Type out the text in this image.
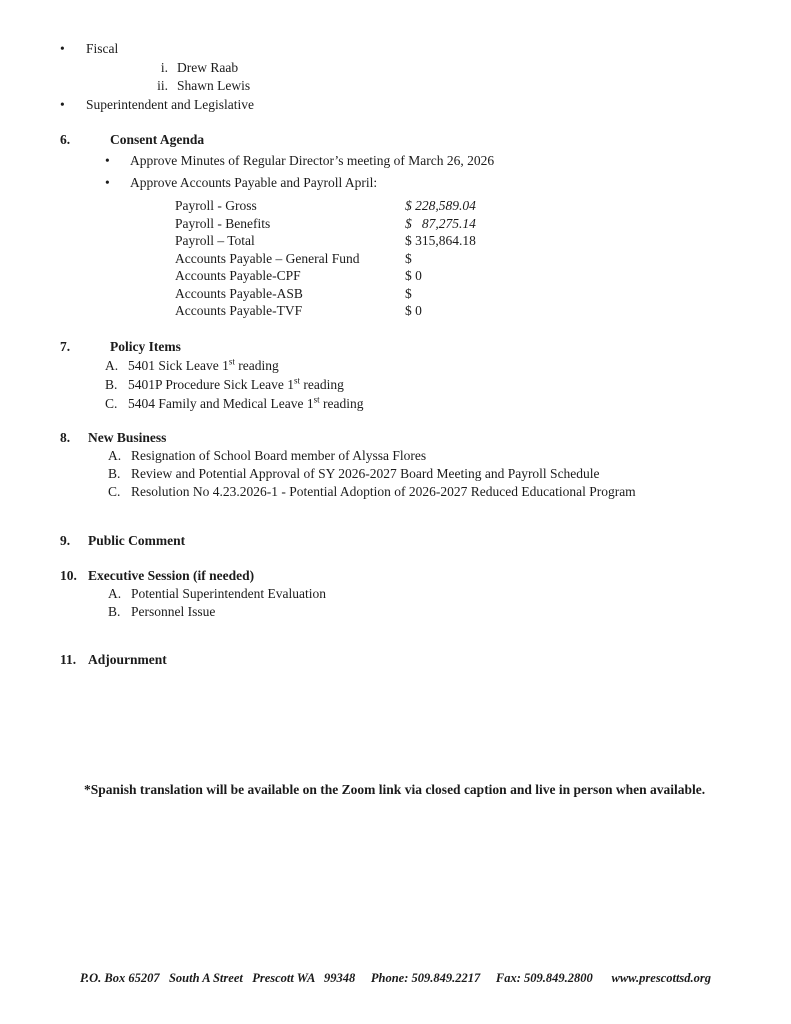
•	Fiscal
i. Drew Raab
ii. Shawn Lewis
•	Superintendent and Legislative
6.	Consent Agenda
•	Approve Minutes of Regular Director’s meeting of March 26, 2026
•	Approve Accounts Payable and Payroll April:
Payroll - Gross	$ 228,589.04
Payroll - Benefits	$   87,275.14
Payroll – Total	$ 315,864.18
Accounts Payable – General Fund	$
Accounts Payable-CPF	$ 0
Accounts Payable-ASB	$
Accounts Payable-TVF	$ 0
7.	Policy Items
A. 5401 Sick Leave 1st reading
B. 5401P Procedure Sick Leave 1st reading
C. 5404 Family and Medical Leave 1st reading
8.	New Business
A. Resignation of School Board member of Alyssa Flores
B. Review and Potential Approval of SY 2026-2027 Board Meeting and Payroll Schedule
C. Resolution No 4.23.2026-1 - Potential Adoption of 2026-2027 Reduced Educational Program
9.	Public Comment
10. Executive Session (if needed)
A. Potential Superintendent Evaluation
B. Personnel Issue
11. Adjournment
*Spanish translation will be available on the Zoom link via closed caption and live in person when available.
P.O. Box 65207   South A Street   Prescott WA   99348     Phone: 509.849.2217     Fax: 509.849.2800      www.prescottsd.org
